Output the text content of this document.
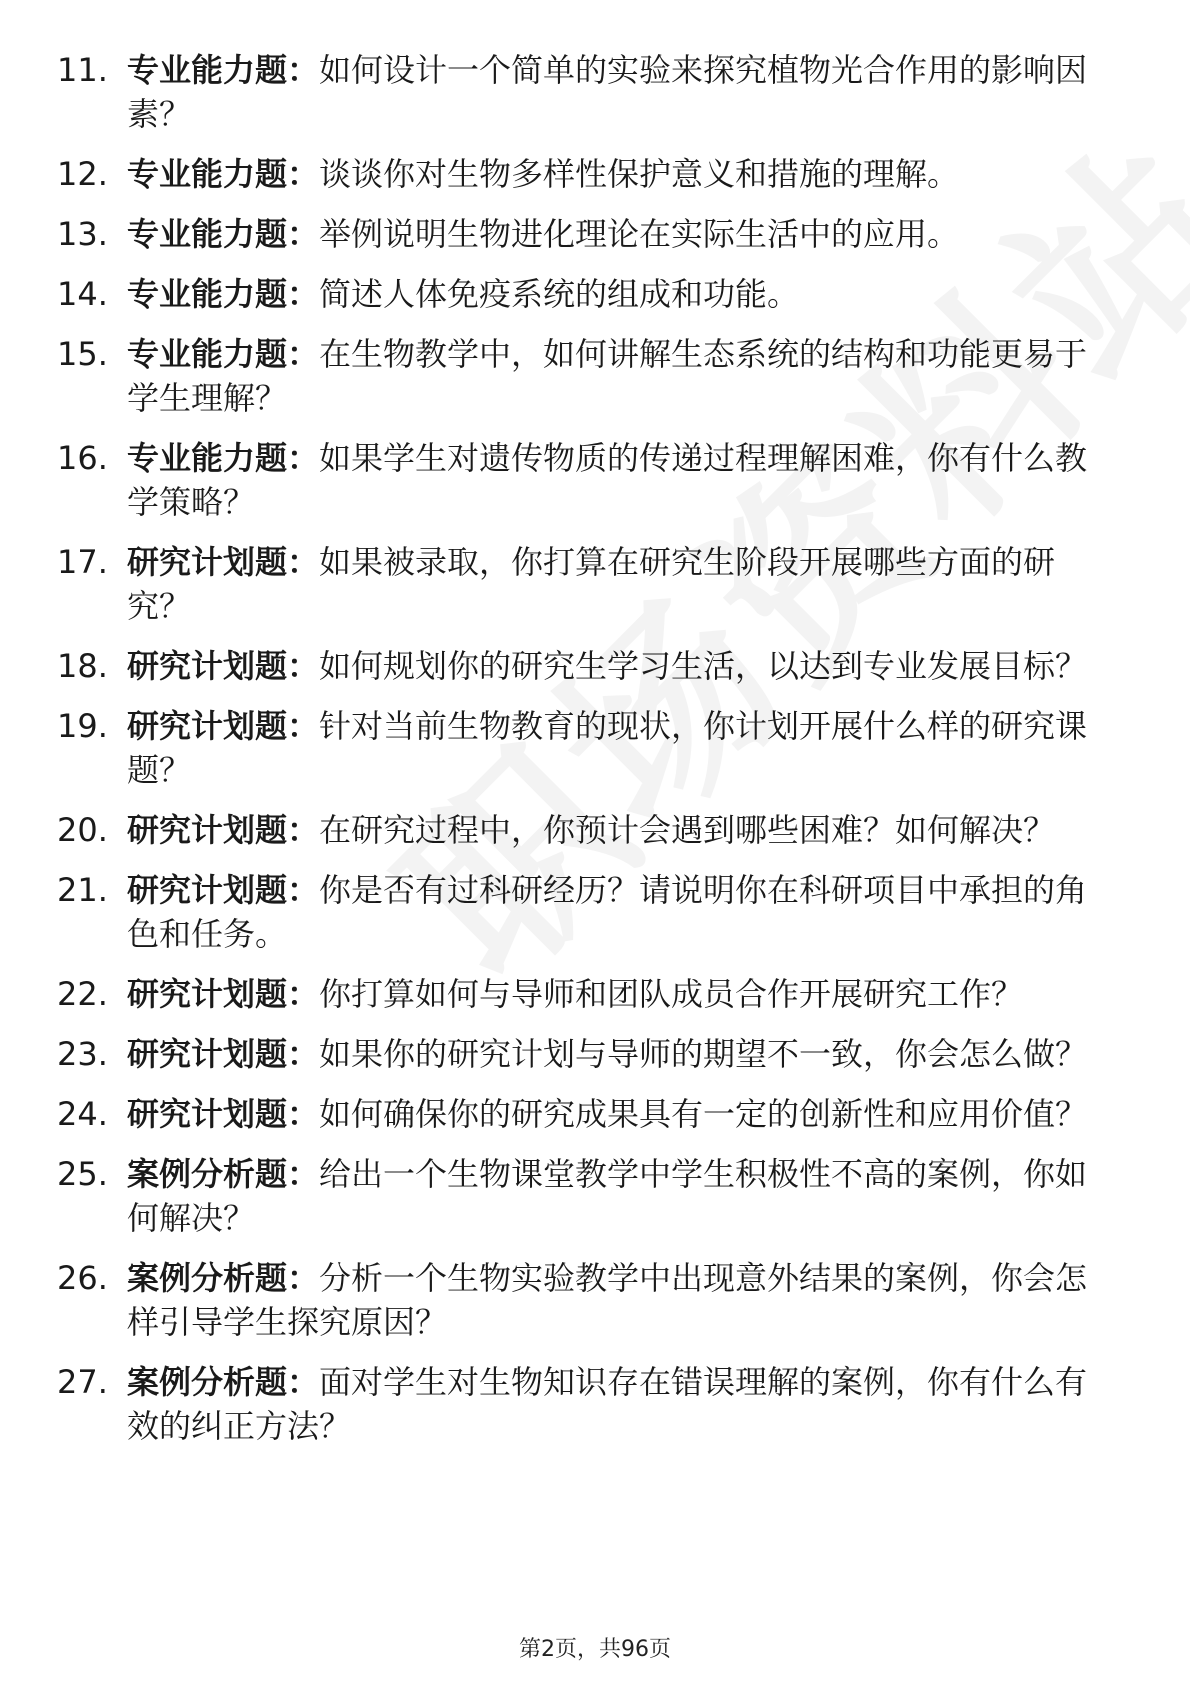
11. 专业能力题：如何设计一个简单的实验来探究植物光合作用的影响因素？
12. 专业能力题：谈谈你对生物多样性保护意义和措施的理解。
13. 专业能力题：举例说明生物进化理论在实际生活中的应用。
14. 专业能力题：简述人体免疫系统的组成和功能。
15. 专业能力题：在生物教学中，如何讲解生态系统的结构和功能更易于学生理解？
16. 专业能力题：如果学生对遗传物质的传递过程理解困难，你有什么教学策略？
17. 研究计划题：如果被录取，你打算在研究生阶段开展哪些方面的研究？
18. 研究计划题：如何规划你的研究生学习生活，以达到专业发展目标？
19. 研究计划题：针对当前生物教育的现状，你计划开展什么样的研究课题？
20. 研究计划题：在研究过程中，你预计会遇到哪些困难？如何解决？
21. 研究计划题：你是否有过科研经历？请说明你在科研项目中承担的角色和任务。
22. 研究计划题：你打算如何与导师和团队成员合作开展研究工作？
23. 研究计划题：如果你的研究计划与导师的期望不一致，你会怎么做？
24. 研究计划题：如何确保你的研究成果具有一定的创新性和应用价值？
25. 案例分析题：给出一个生物课堂教学中学生积极性不高的案例，你如何解决？
26. 案例分析题：分析一个生物实验教学中出现意外结果的案例，你会怎样引导学生探究原因？
27. 案例分析题：面对学生对生物知识存在错误理解的案例，你有什么有效的纠正方法？
第2页，共96页
